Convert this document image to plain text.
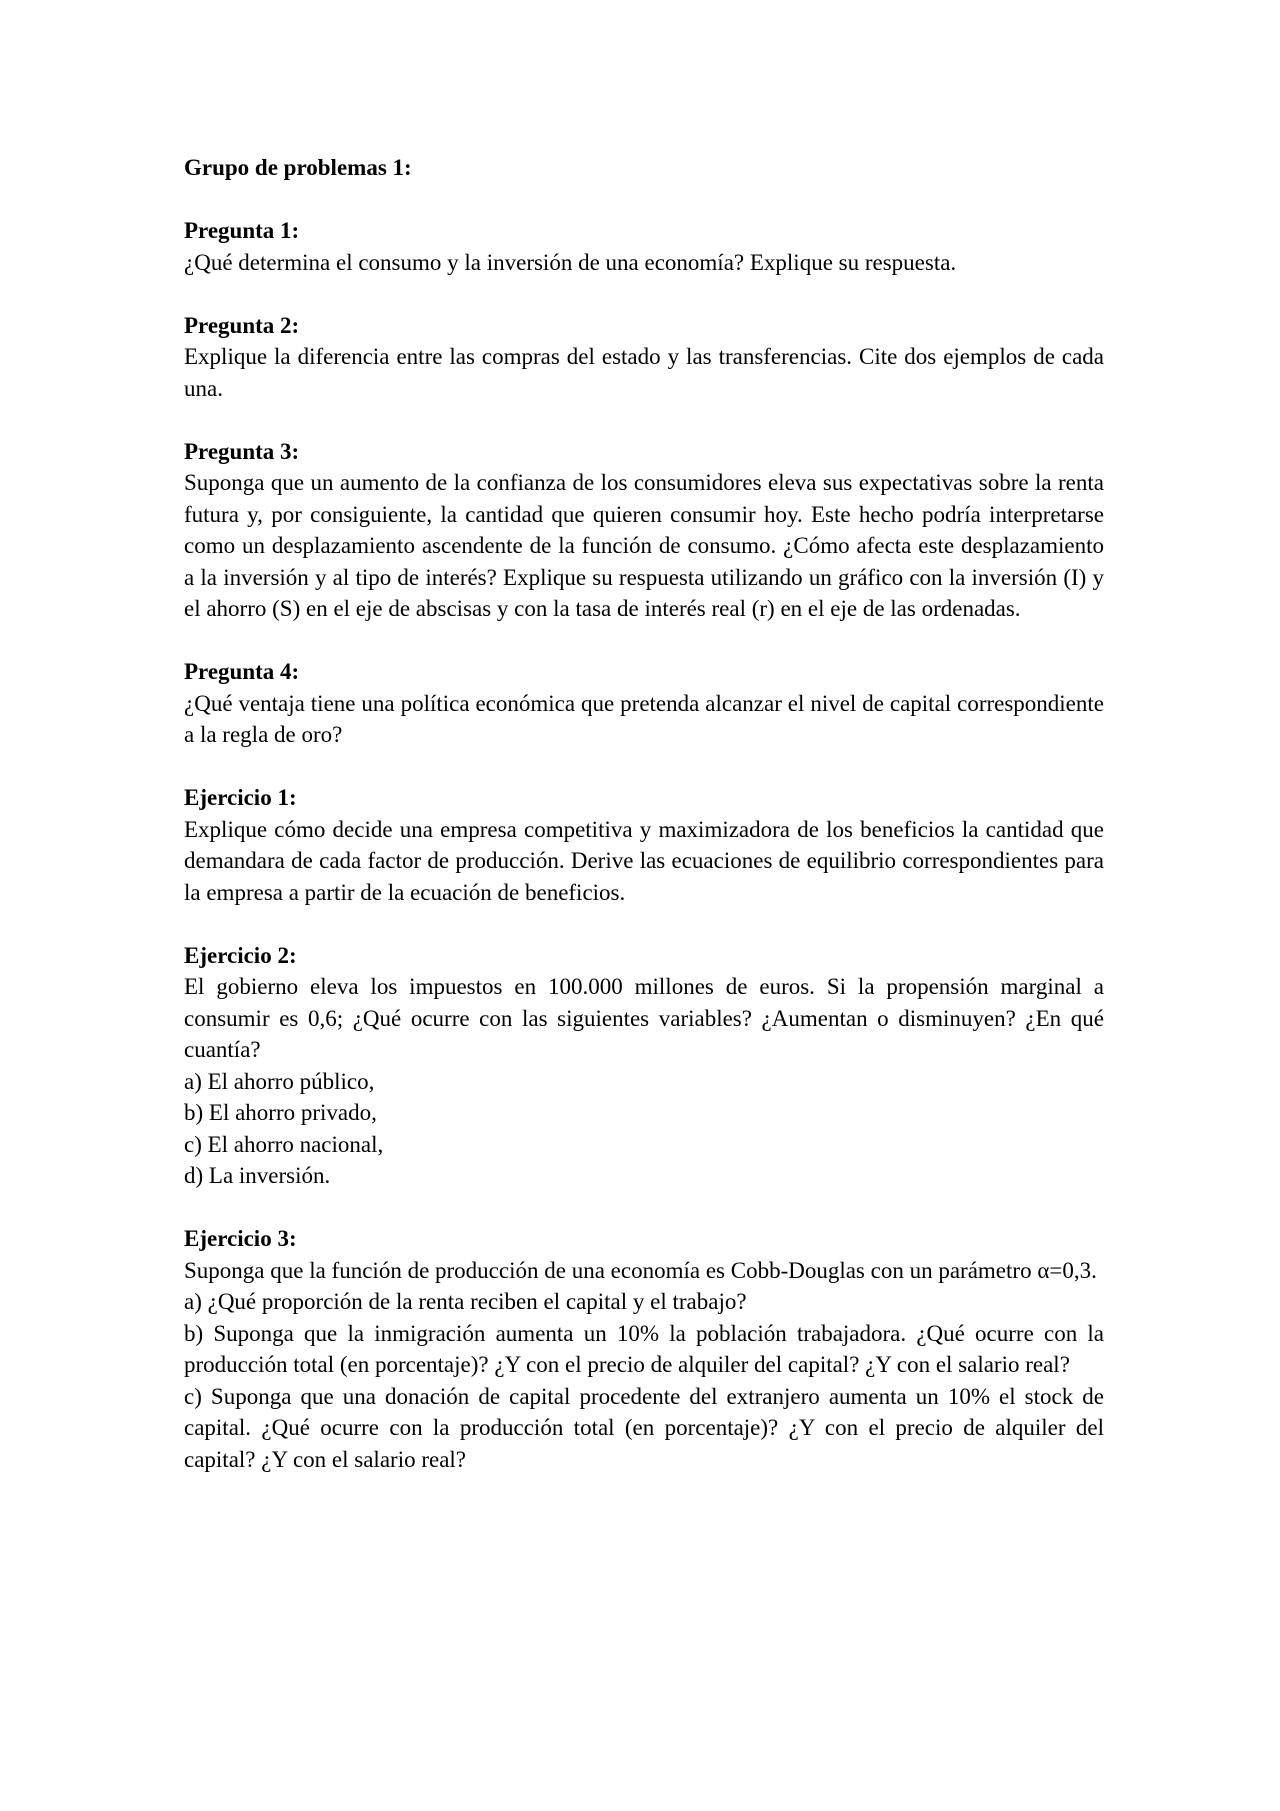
Grupo de problemas 1:

Pregunta 1:

¿Qué determina el consumo y la inversión de una economía? Explique su respuesta.

Pregunta 2:

Explique la diferencia entre las compras del estado y las transferencias. Cite dos ejemplos de cada una.

Pregunta 3:

Suponga que un aumento de la confianza de los consumidores eleva sus expectativas sobre la renta futura y, por consiguiente, la cantidad que quieren consumir hoy. Este hecho podría interpretarse como un desplazamiento ascendente de la función de consumo. ¿Cómo afecta este desplazamiento a la inversión y al tipo de interés? Explique su respuesta utilizando un gráfico con la inversión (I) y el ahorro (S) en el eje de abscisas y con la tasa de interés real (r) en el eje de las ordenadas.

Pregunta 4:

¿Qué ventaja tiene una política económica que pretenda alcanzar el nivel de capital correspondiente a la regla de oro?

Ejercicio 1:

Explique cómo decide una empresa competitiva y maximizadora de los beneficios la cantidad que demandara de cada factor de producción. Derive las ecuaciones de equilibrio correspondientes para la empresa a partir de la ecuación de beneficios.

Ejercicio 2:

El gobierno eleva los impuestos en 100.000 millones de euros. Si la propensión marginal a consumir es 0,6; ¿Qué ocurre con las siguientes variables? ¿Aumentan o disminuyen? ¿En qué cuantía?

a) El ahorro público,

b) El ahorro privado,

c) El ahorro nacional,

d) La inversión.

Ejercicio 3:

Suponga que la función de producción de una economía es Cobb-Douglas con un parámetro α=0,3.

a) ¿Qué proporción de la renta reciben el capital y el trabajo?

b) Suponga que la inmigración aumenta un 10% la población trabajadora. ¿Qué ocurre con la producción total (en porcentaje)? ¿Y con el precio de alquiler del capital? ¿Y con el salario real?

c) Suponga que una donación de capital procedente del extranjero aumenta un 10% el stock de capital. ¿Qué ocurre con la producción total (en porcentaje)? ¿Y con el precio de alquiler del capital? ¿Y con el salario real?
